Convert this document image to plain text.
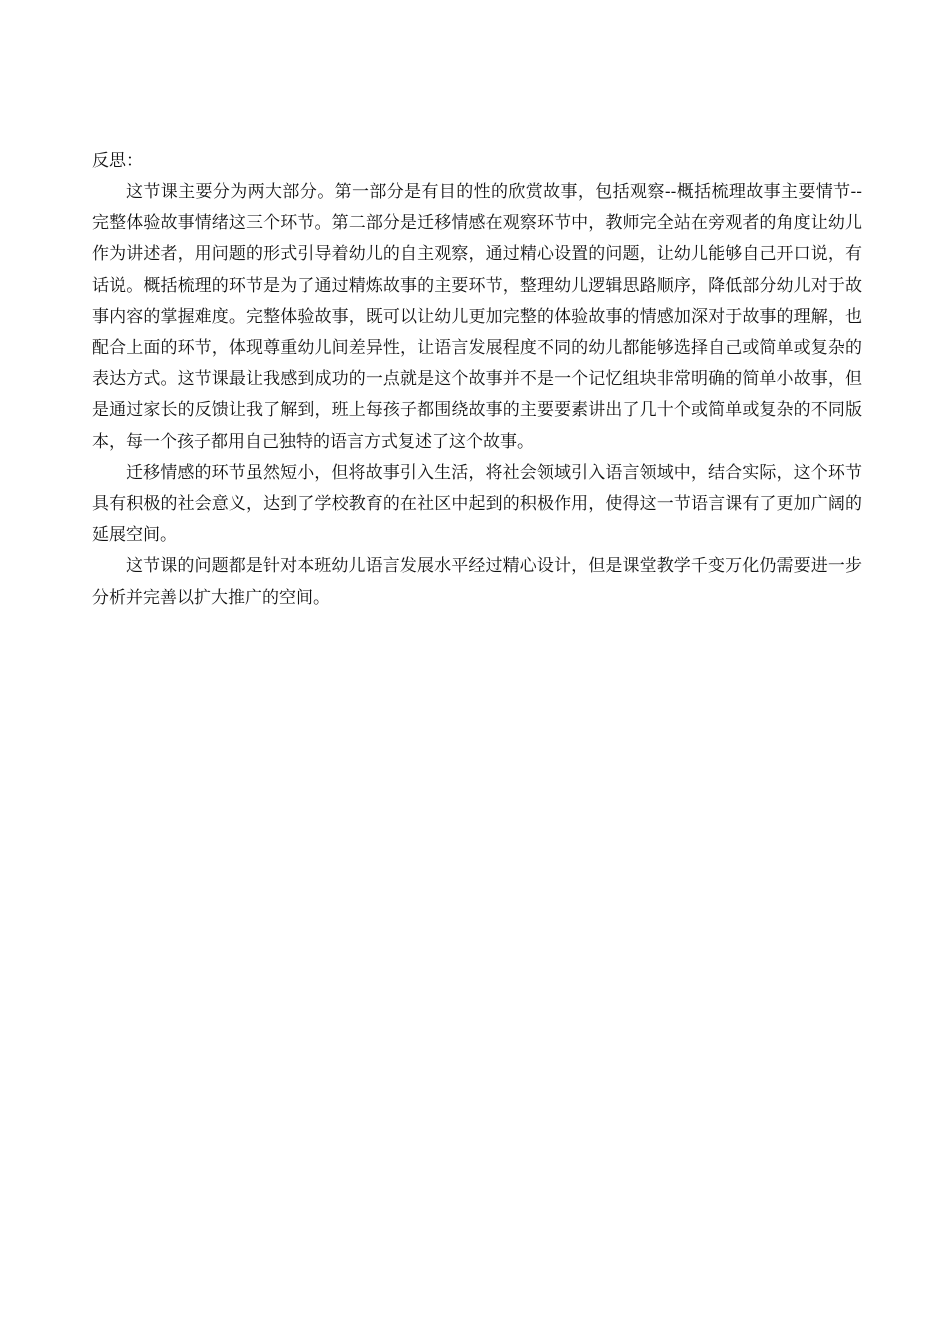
反思：

这节课主要分为两大部分。第一部分是有目的性的欣赏故事，包括观察--概括梳理故事主要情节--完整体验故事情绪这三个环节。第二部分是迁移情感在观察环节中，教师完全站在旁观者的角度让幼儿作为讲述者，用问题的形式引导着幼儿的自主观察，通过精心设置的问题，让幼儿能够自己开口说，有话说。概括梳理的环节是为了通过精炼故事的主要环节，整理幼儿逻辑思路顺序，降低部分幼儿对于故事内容的掌握难度。完整体验故事，既可以让幼儿更加完整的体验故事的情感加深对于故事的理解，也配合上面的环节，体现尊重幼儿间差异性，让语言发展程度不同的幼儿都能够选择自己或简单或复杂的表达方式。这节课最让我感到成功的一点就是这个故事并不是一个记忆组块非常明确的简单小故事，但是通过家长的反馈让我了解到，班上每孩子都围绕故事的主要要素讲出了几十个或简单或复杂的不同版本，每一个孩子都用自己独特的语言方式复述了这个故事。

迁移情感的环节虽然短小，但将故事引入生活，将社会领域引入语言领域中，结合实际，这个环节具有积极的社会意义，达到了学校教育的在社区中起到的积极作用，使得这一节语言课有了更加广阔的延展空间。

这节课的问题都是针对本班幼儿语言发展水平经过精心设计，但是课堂教学千变万化仍需要进一步分析并完善以扩大推广的空间。
